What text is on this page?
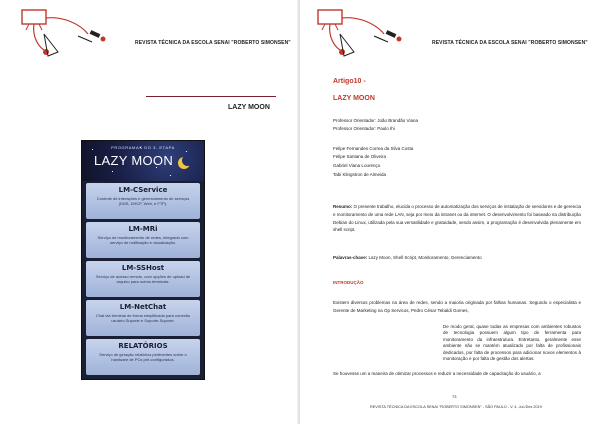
REVISTA TÉCNICA DA ESCOLA SENAI "ROBERTO SIMONSEN"
LAZY MOON
PROGRAMAS DO 3. ETAPA
LAZY MOON
LM-CService
Controle de interações e gerenciamento de serviços (DNS, DHCP, Web, e FTP).
LM-MRi
Serviço de monitoramento de redes, integrado com serviço de notificação e visualização.
LM-SSHost
Serviço de acesso remoto, com opções de upload de arquivo para outros terminais.
LM-NetChat
Chat via terminal de forma simplificada para conexão usuário-Suporte e Suporte-Suporte.
RELATÓRIOS
Serviço de geração relatórios pertinentes sobre o hardware de PCs pré-configurados.
REVISTA TÉCNICA DA ESCOLA SENAI "ROBERTO SIMONSEN"
Artigo10 -
LAZY MOON
Professor Orientador: João Brandão Viana
Professor Orientador: Paulo Ihi
Felipe Fernandes Correa da Silva Costa
Felipe Santana de Oliveira
Gabriel Viana Lourenço
Tabi Klingstron de Almeida
Resumo: O presente trabalho, elucida o processo de automatização dos serviços de instalação de servidores e de gerencia e monitoramento de uma rede LAN, seja por meio da intranet ou da internet. O desenvolvimento foi baseado na distribuição Debian do Linux, utilizada pela sua versatilidade e gratuidade, sendo assim, a programação é desenvolvida plenamente em shell script.
Palavras-chave: Lazy Moon, Shell Script, Monitoramento, Gerenciamento
INTRODUÇÃO
Existem diversos problemas na área de redes, sendo a maioria originada por falhas humanas. Segundo o especialista e Gerente de Marketing na Op Servicos, Pedro César Tebaldi Gomes,
De modo geral, quase todas as empresas com ambientes robustos de tecnologia possuem algum tipo de ferramenta para monitoramento da infraestrutura. Entretanto, geralmente esse ambiente não se mantém atualizado por falta de profissionais dedicados, por falta de processos para adicionar novos elementos à monitoração e por falta de gestão dos alertas.
Se houvesse um a maneira de otimizar processos e reduzir a necessidade de capacitação do usuário, a
73
REVISTA TÉCNICA DA ESCOLA SENAI "ROBERTO SIMONSEN" - SÃO PAULO - V. 4, Jul./Dez 2019
